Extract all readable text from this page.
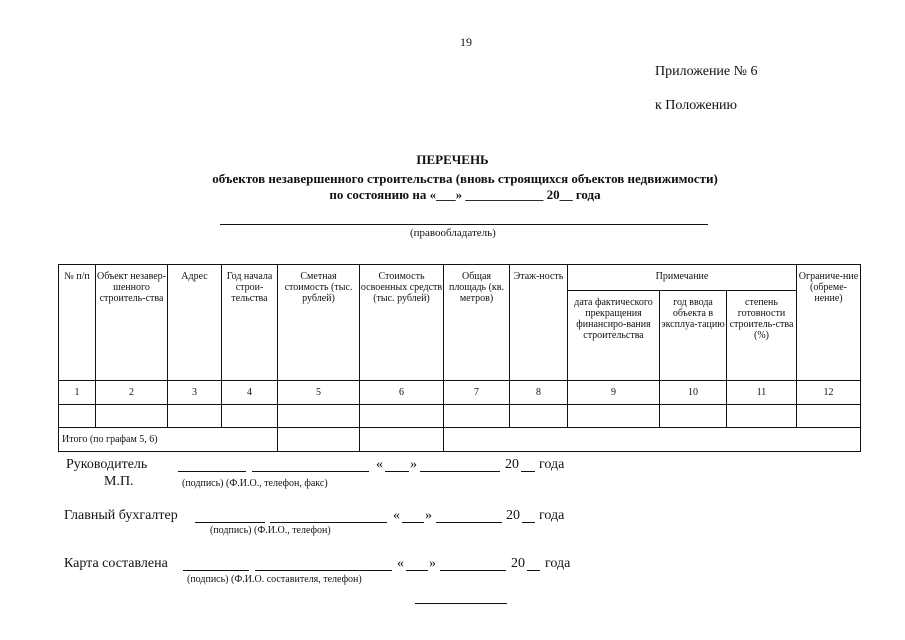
19
Приложение № 6
к Положению
ПЕРЕЧЕНЬ
объектов незавершенного строительства (вновь строящихся объектов недвижимости)
по состоянию на «___» ____________ 20__ года
(правообладатель)
№ п/п	Объект незавер-шенного строитель-ства	Адрес	Год начала строи-тельства	Сметная стоимость (тыс. рублей)	Стоимость освоенных средств (тыс. рублей)	Общая площадь (кв. метров)	Этаж-ность	Примечание			Ограниче-ние (обреме-нение)

								дата фактического прекращения финансиро-вания строительства	год ввода объекта в эксплуа-тацию	степень готовности строитель-ства (%)	

1	2	3	4	5	6	7	8	9	10	11	12

Итого (по графам 5, 6)											
Руководитель	« »	20 года
М.П.	(подпись) (Ф.И.О., телефон, факс)
Главный бухгалтер	« »	20 года
(подпись) (Ф.И.О., телефон)
Карта составлена	« »	20 года
(подпись) (Ф.И.О. составителя, телефон)
